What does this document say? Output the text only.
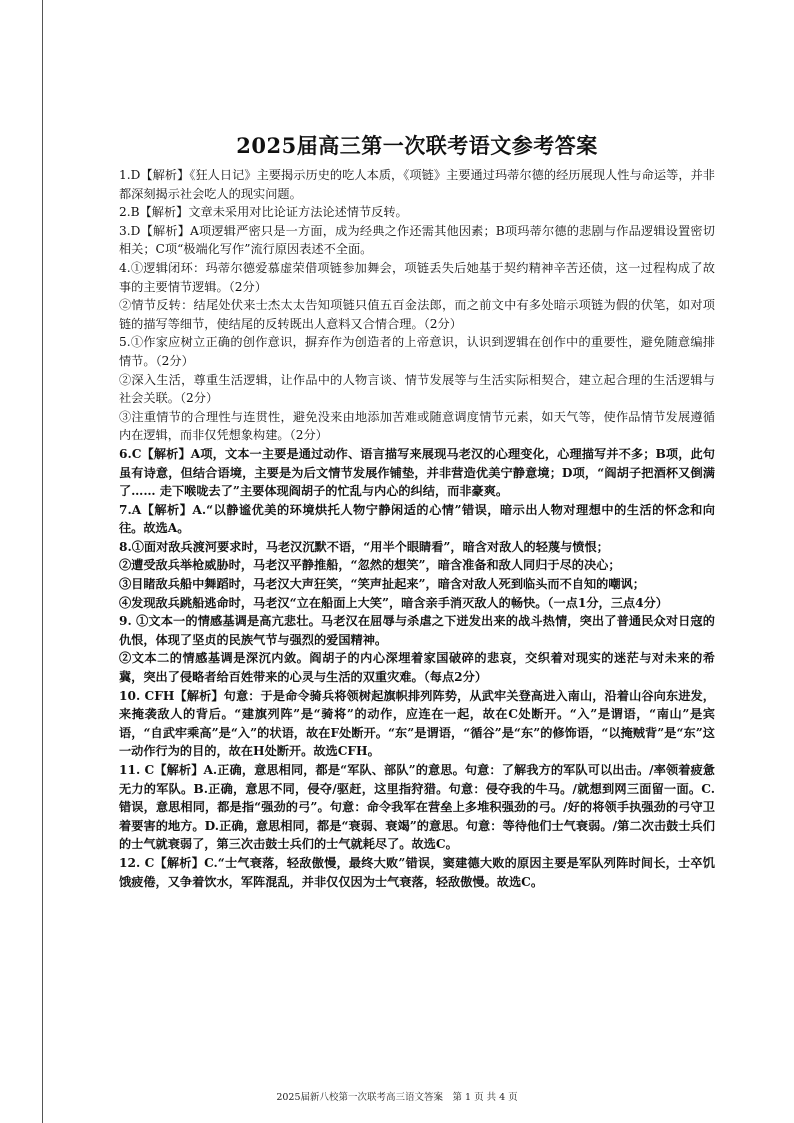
2025届高三第一次联考语文参考答案

1.D【解析】《狂人日记》主要揭示历史的吃人本质，《项链》主要通过玛蒂尔德的经历展现人性与命运等，并非都深刻揭示社会吃人的现实问题。

2.B【解析】文章未采用对比论证方法论述情节反转。

3.D【解析】A项逻辑严密只是一方面，成为经典之作还需其他因素；B项玛蒂尔德的悲剧与作品逻辑设置密切相关；C项“极端化写作”流行原因表述不全面。

4.①逻辑闭环：玛蒂尔德爱慕虚荣借项链参加舞会，项链丢失后她基于契约精神辛苦还债，这一过程构成了故事的主要情节逻辑。（2分）

②情节反转：结尾处伏来士杰太太告知项链只值五百金法郎，而之前文中有多处暗示项链为假的伏笔，如对项链的描写等细节，使结尾的反转既出人意料又合情合理。（2分）

5.①作家应树立正确的创作意识，摒弃作为创造者的上帝意识，认识到逻辑在创作中的重要性，避免随意编排情节。（2分）

②深入生活，尊重生活逻辑，让作品中的人物言谈、情节发展等与生活实际相契合，建立起合理的生活逻辑与社会关联。（2分）

③注重情节的合理性与连贯性，避免没来由地添加苦难或随意调度情节元素，如天气等，使作品情节发展遵循内在逻辑，而非仅凭想象构建。（2分）

6.C【解析】A项，文本一主要是通过动作、语言描写来展现马老汉的心理变化，心理描写并不多；B项，此句虽有诗意，但结合语境，主要是为后文情节发展作铺垫，并非营造优美宁静意境；D项，“阎胡子把酒杯又倒满了…… 走下喉咙去了”主要体现阎胡子的忙乱与内心的纠结，而非豪爽。

7.A【解析】A.“以静谧优美的环境烘托人物宁静闲适的心情”错误，暗示出人物对理想中的生活的怀念和向往。故选A。

8.①面对敌兵渡河要求时，马老汉沉默不语，“用半个眼睛看”，暗含对敌人的轻蔑与愤恨；

②遭受敌兵举枪威胁时，马老汉平静推船，“忽然的想笑”，暗含准备和敌人同归于尽的决心；

③目睹敌兵船中舞蹈时，马老汉大声狂笑，“笑声扯起来”，暗含对敌人死到临头而不自知的嘲讽；

④发现敌兵跳船逃命时，马老汉“立在船面上大笑”，暗含亲手消灭敌人的畅快。（一点1分，三点4分）

9. ①文本一的情感基调是高亢悲壮。马老汉在屈辱与杀虐之下迸发出来的战斗热情，突出了普通民众对日寇的仇恨，体现了坚贞的民族气节与强烈的爱国精神。

②文本二的情感基调是深沉内敛。阎胡子的内心深埋着家国破碎的悲哀，交织着对现实的迷茫与对未来的希冀，突出了侵略者给百姓带来的心灵与生活的双重灾难。（每点2分）

10. CFH【解析】句意：于是命令骑兵将领树起旗帜排列阵势，从武牢关登高进入南山，沿着山谷向东进发，来掩袭敌人的背后。“建旗列阵”是“骑将”的动作，应连在一起，故在C处断开。“入”是谓语，“南山”是宾语，“自武牢乘高”是“入”的状语，故在F处断开。“东”是谓语，“循谷”是“东”的修饰语，“以掩贼背”是“东”这一动作行为的目的，故在H处断开。故选CFH。

11. C【解析】A.正确，意思相同，都是“军队、部队”的意思。句意：了解我方的军队可以出击。/率领着疲惫无力的军队。B.正确，意思不同，侵夺/驱赶，这里指狩猎。句意：侵夺我的牛马。/就想到网三面留一面。C.错误，意思相同，都是指“强劲的弓”。句意：命令我军在营垒上多堆积强劲的弓。/好的将领手执强劲的弓守卫着要害的地方。D.正确，意思相同，都是“衰弱、衰竭”的意思。句意：等待他们士气衰弱。/第二次击鼓士兵们的士气就衰弱了，第三次击鼓士兵们的士气就耗尽了。故选C。

12. C【解析】C.“士气衰落，轻敌傲慢，最终大败”错误，窦建德大败的原因主要是军队列阵时间长，士卒饥饿疲倦，又争着饮水，军阵混乱，并非仅仅因为士气衰落，轻敌傲慢。故选C。

2025届新八校第一次联考高三语文答案　第 1 页 共 4 页
